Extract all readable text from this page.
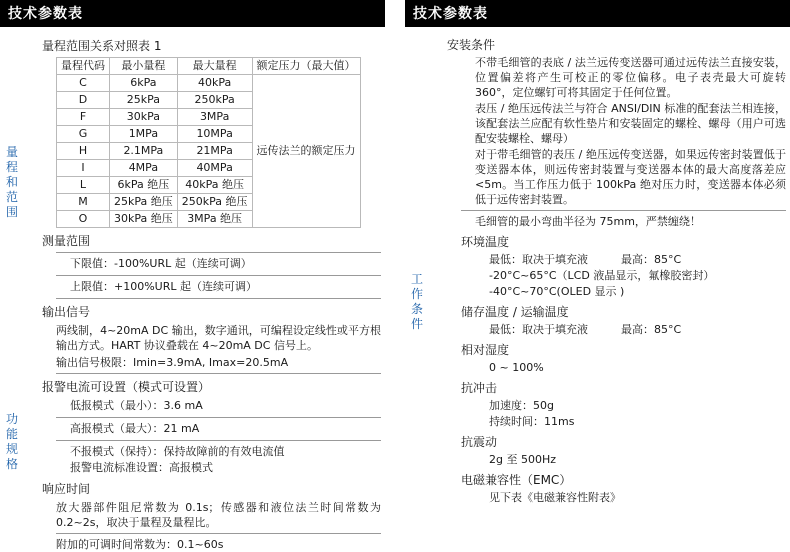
技术参数表
量程和范围
功能规格
量程范围关系对照表 1
量程代码	最小量程	最大量程	额定压力（最大值）
C	6kPa	40kPa	远传法兰的额定压力
D	25kPa	250kPa	
F	30kPa	3MPa	
G	1MPa	10MPa	
H	2.1MPa	21MPa	
I	4MPa	40MPa	
L	6kPa 绝压	40kPa 绝压	
M	25kPa 绝压	250kPa 绝压	
O	30kPa 绝压	3MPa 绝压	
测量范围
下限值：-100%URL 起（连续可调）
上限值：+100%URL 起（连续可调）
输出信号
两线制，4~20mA DC 输出，数字通讯，可编程设定线性或平方根输出方式。HART 协议叠载在 4~20mA DC 信号上。
输出信号极限：Imin=3.9mA, Imax=20.5mA
报警电流可设置（模式可设置）
低报模式（最小）：3.6 mA
高报模式（最大）：21 mA
不报模式（保持）：保持故障前的有效电流值
报警电流标准设置：高报模式
响应时间
放大器部件阻尼常数为 0.1s；传感器和液位法兰时间常数为 0.2~2s，取决于量程及量程比。
附加的可调时间常数为：0.1~60s
技术参数表
工作条件
安装条件
不带毛细管的表底 / 法兰远传变送器可通过远传法兰直接安装，位置偏差将产生可校正的零位偏移。电子表壳最大可旋转 360°，定位螺钉可将其固定于任何位置。
表压 / 绝压远传法兰与符合 ANSI/DIN 标准的配套法兰相连接，该配套法兰应配有软性垫片和安装固定的螺栓、螺母（用户可选配安装螺栓、螺母）
对于带毛细管的表压 / 绝压远传变送器，如果远传密封装置低于变送器本体，则远传密封装置与变送器本体的最大高度落差应 <5m。当工作压力低于 100kPa 绝对压力时，变送器本体必须低于远传密封装置。
毛细管的最小弯曲半径为 75mm，严禁缠绕！
环境温度
最低：取决于填充液	最高：85°C
-20°C~65°C（LCD 液晶显示，氟橡胶密封）
-40°C~70°C(OLED 显示 )
储存温度 / 运输温度
最低：取决于填充液	最高：85°C
相对湿度
0 ~ 100%
抗冲击
加速度：50g
持续时间：11ms
抗震动
2g 至 500Hz
电磁兼容性（EMC）
见下表《电磁兼容性附表》
